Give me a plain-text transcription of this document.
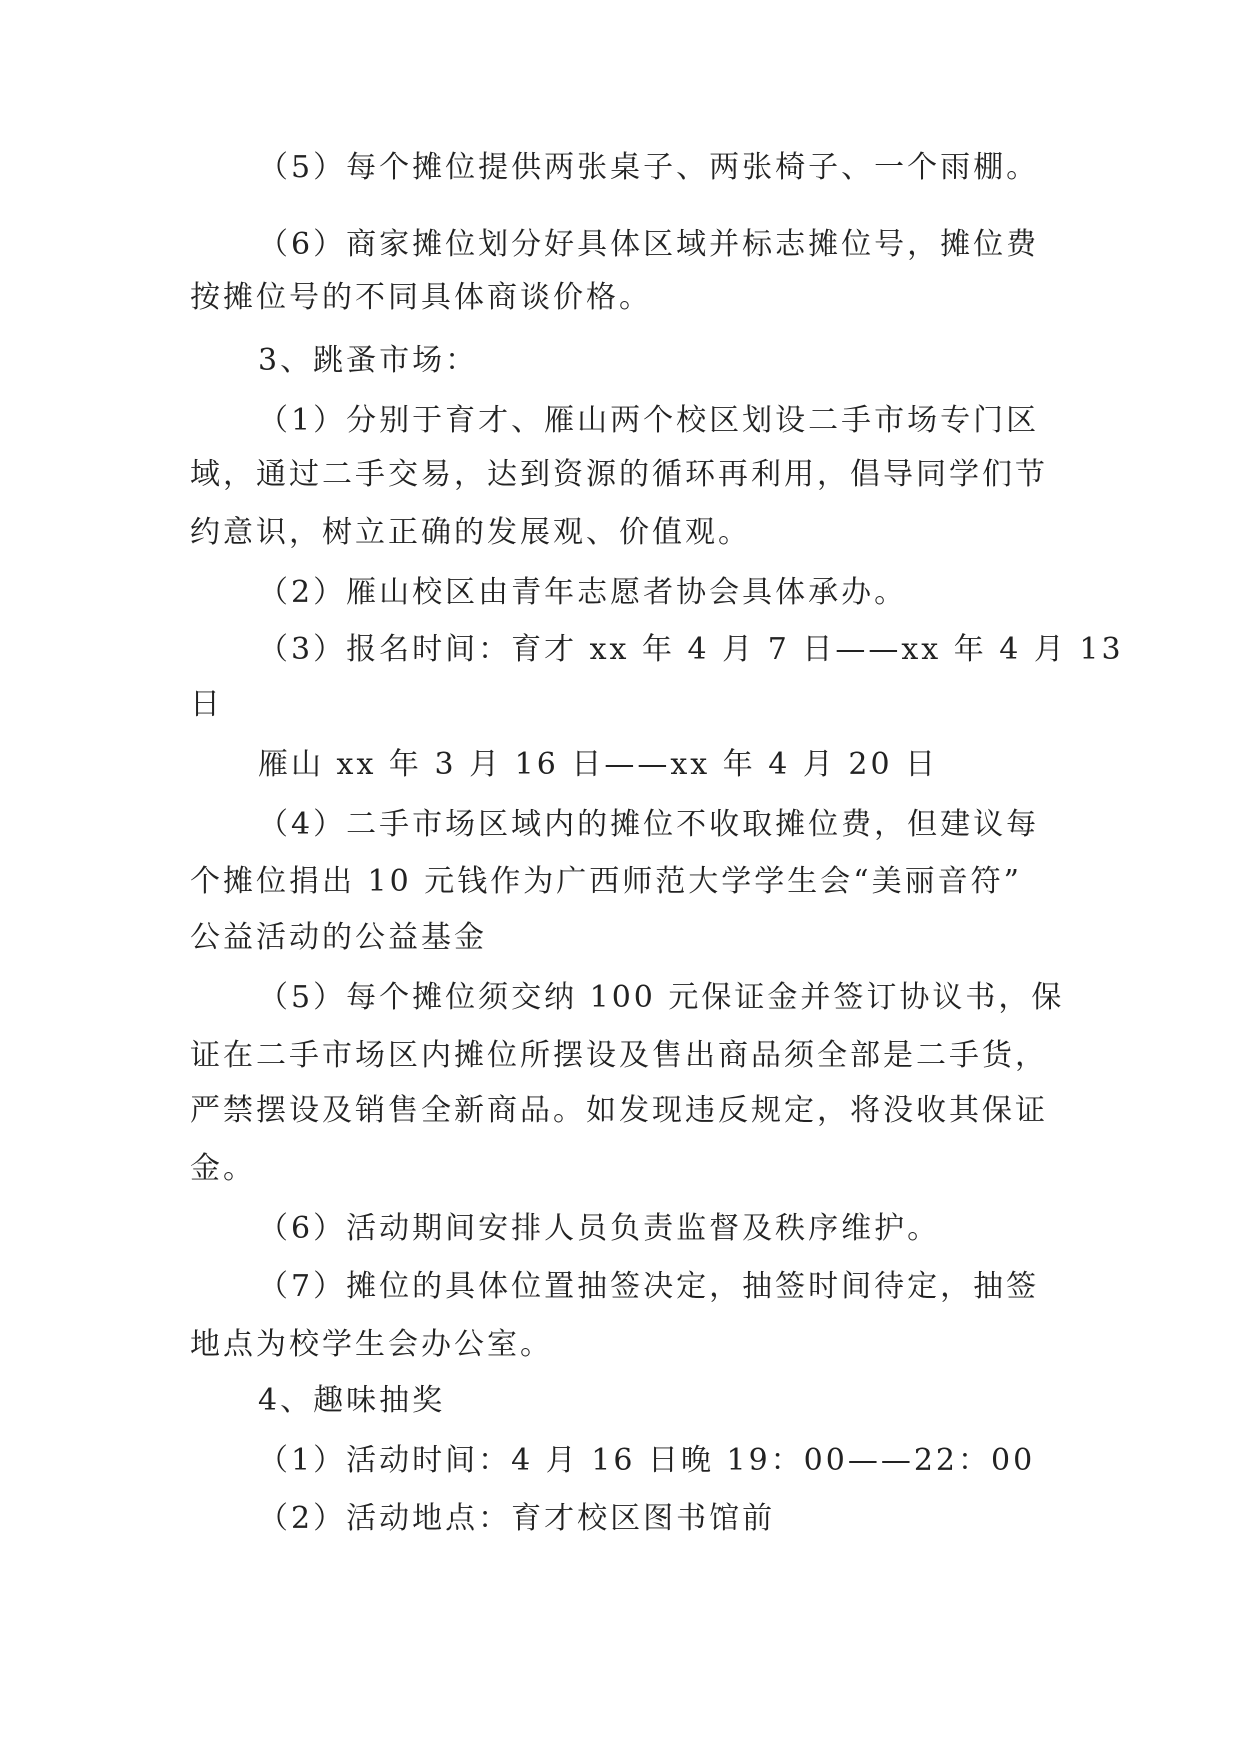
（5）每个摊位提供两张桌子、两张椅子、一个雨棚。
（6）商家摊位划分好具体区域并标志摊位号，摊位费
按摊位号的不同具体商谈价格。
3、跳蚤市场：
（1）分别于育才、雁山两个校区划设二手市场专门区
域，通过二手交易，达到资源的循环再利用，倡导同学们节
约意识，树立正确的发展观、价值观。
（2）雁山校区由青年志愿者协会具体承办。
（3）报名时间：育才 xx 年 4 月 7 日——xx 年 4 月 13
日
雁山 xx 年 3 月 16 日——xx 年 4 月 20 日
（4）二手市场区域内的摊位不收取摊位费，但建议每
个摊位捐出 10 元钱作为广西师范大学学生会“美丽音符”
公益活动的公益基金
（5）每个摊位须交纳 100 元保证金并签订协议书，保
证在二手市场区内摊位所摆设及售出商品须全部是二手货，
严禁摆设及销售全新商品。如发现违反规定，将没收其保证
金。
（6）活动期间安排人员负责监督及秩序维护。
（7）摊位的具体位置抽签决定，抽签时间待定，抽签
地点为校学生会办公室。
4、趣味抽奖
（1）活动时间：4 月 16 日晚 19：00——22：00
（2）活动地点：育才校区图书馆前
